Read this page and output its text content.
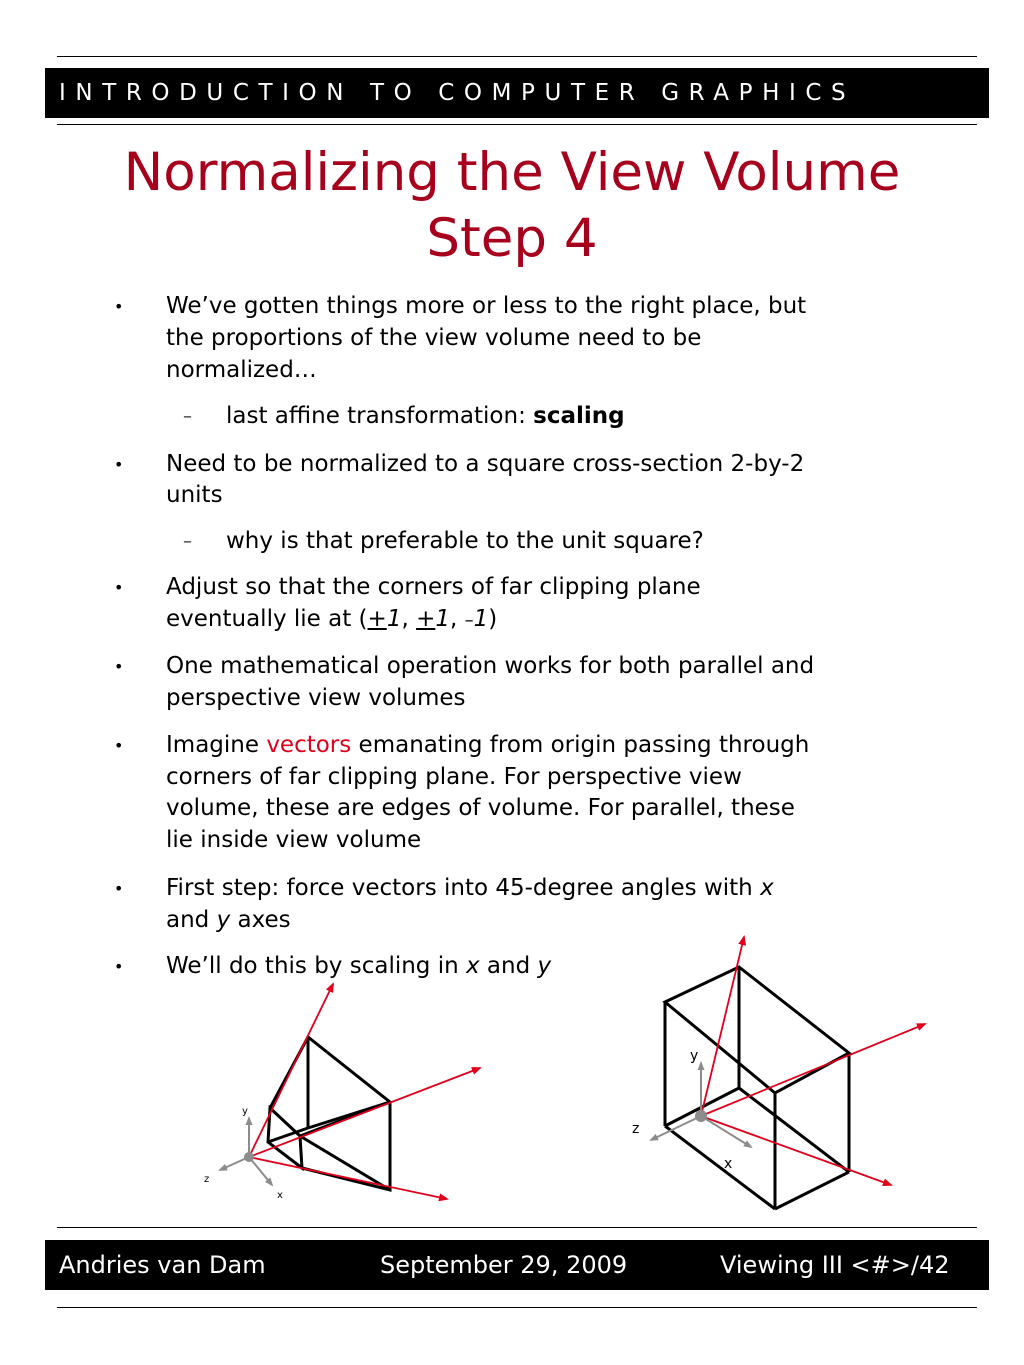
INTRODUCTION TO COMPUTER GRAPHICS
Normalizing the View Volume
Step 4
• We’ve gotten things more or less to the right place, but
the proportions of the view volume need to be
normalized…
– last affine transformation: scaling
• Need to be normalized to a square cross-section 2-by-2
units
– why is that preferable to the unit square?
• Adjust so that the corners of far clipping plane
eventually lie at (+1, +1, –1)
• One mathematical operation works for both parallel and
perspective view volumes
• Imagine vectors emanating from origin passing through
corners of far clipping plane. For perspective view
volume, these are edges of volume. For parallel, these
lie inside view volume
• First step: force vectors into 45-degree angles with x
and y axes
• We’ll do this by scaling in x and y
y
z
x
y
z
x
Andries van Dam	September 29, 2009	Viewing III <#>/42
